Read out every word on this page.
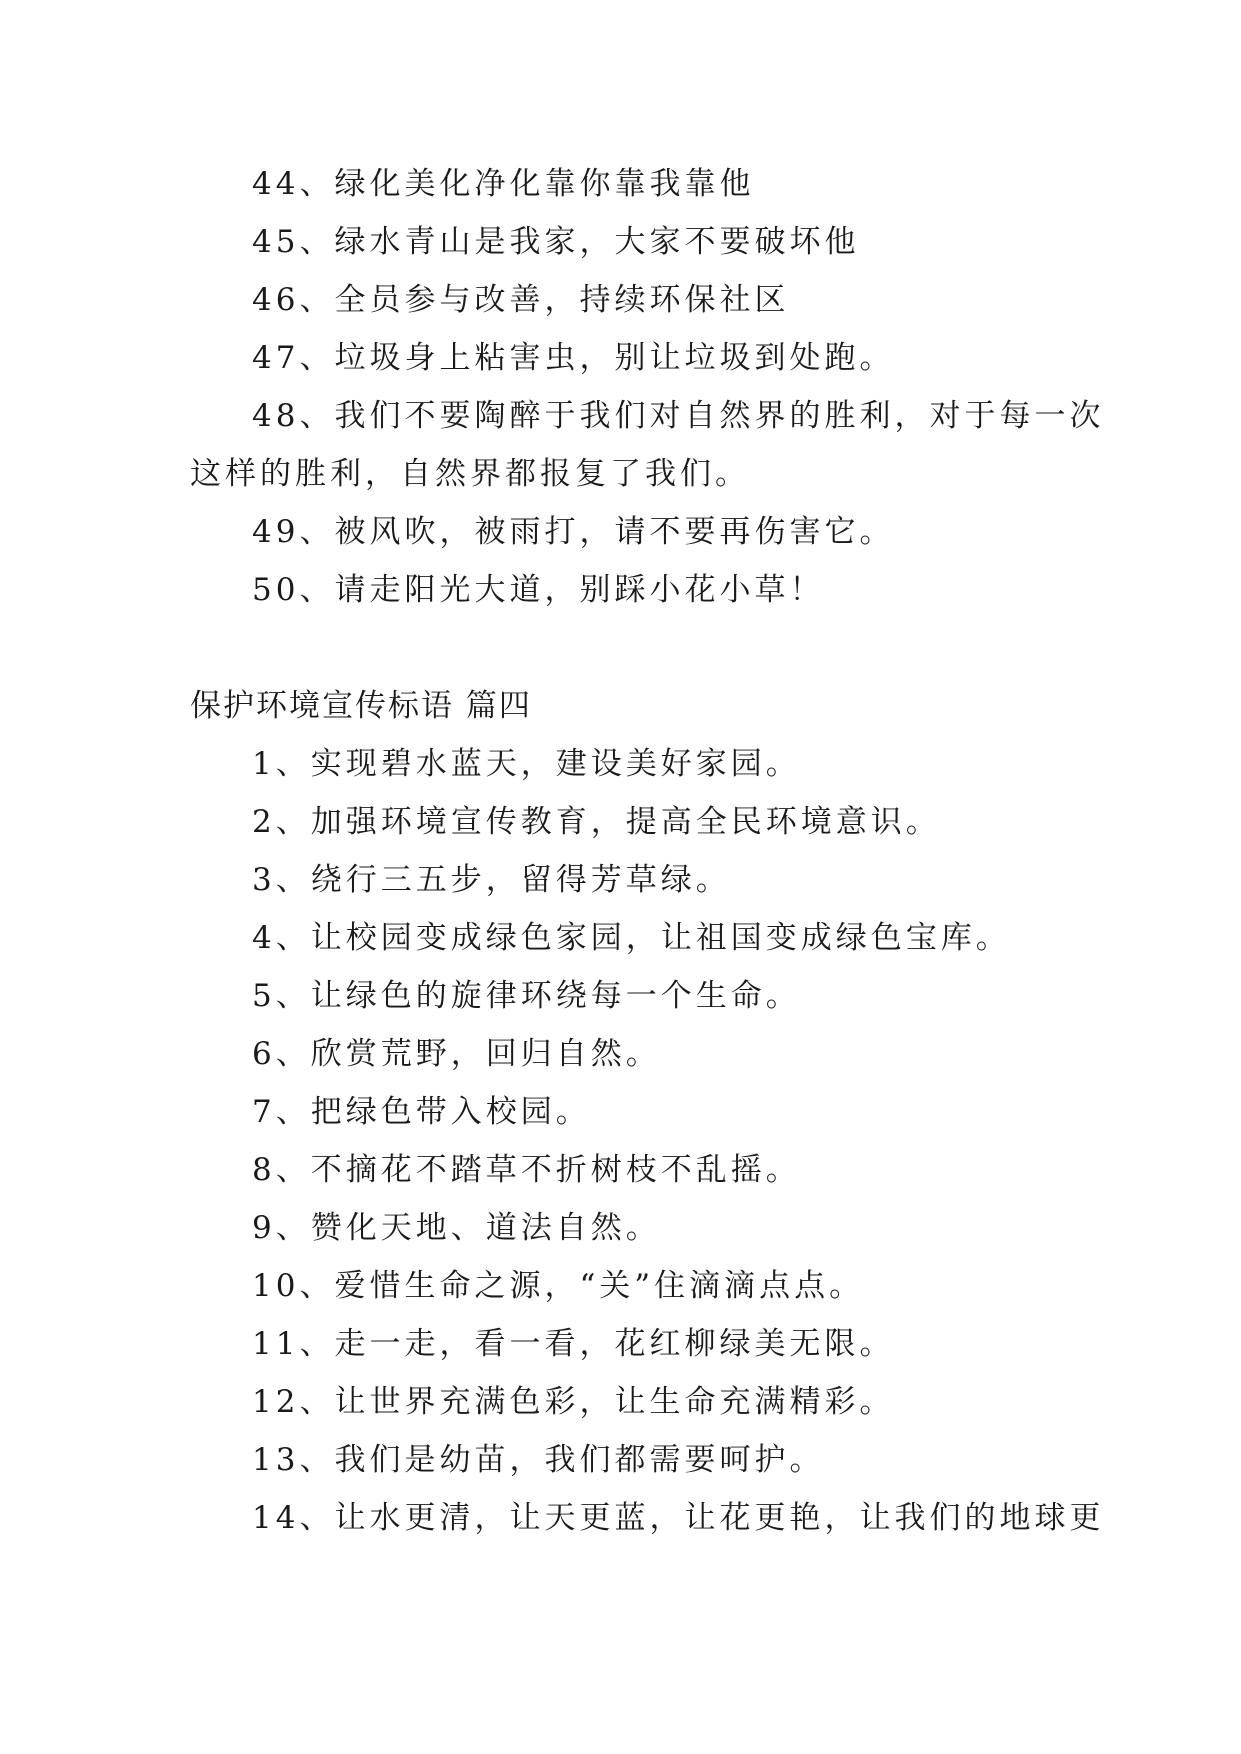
44、绿化美化净化靠你靠我靠他
45、绿水青山是我家，大家不要破坏他
46、全员参与改善，持续环保社区
47、垃圾身上粘害虫，别让垃圾到处跑。
48、我们不要陶醉于我们对自然界的胜利，对于每一次
这样的胜利，自然界都报复了我们。
49、被风吹，被雨打，请不要再伤害它。
50、请走阳光大道，别踩小花小草！
保护环境宣传标语 篇四
1、实现碧水蓝天，建设美好家园。
2、加强环境宣传教育，提高全民环境意识。
3、绕行三五步，留得芳草绿。
4、让校园变成绿色家园，让祖国变成绿色宝库。
5、让绿色的旋律环绕每一个生命。
6、欣赏荒野，回归自然。
7、把绿色带入校园。
8、不摘花不踏草不折树枝不乱摇。
9、赞化天地、道法自然。
10、爱惜生命之源，“关”住滴滴点点。
11、走一走，看一看，花红柳绿美无限。
12、让世界充满色彩，让生命充满精彩。
13、我们是幼苗，我们都需要呵护。
14、让水更清，让天更蓝，让花更艳，让我们的地球更
